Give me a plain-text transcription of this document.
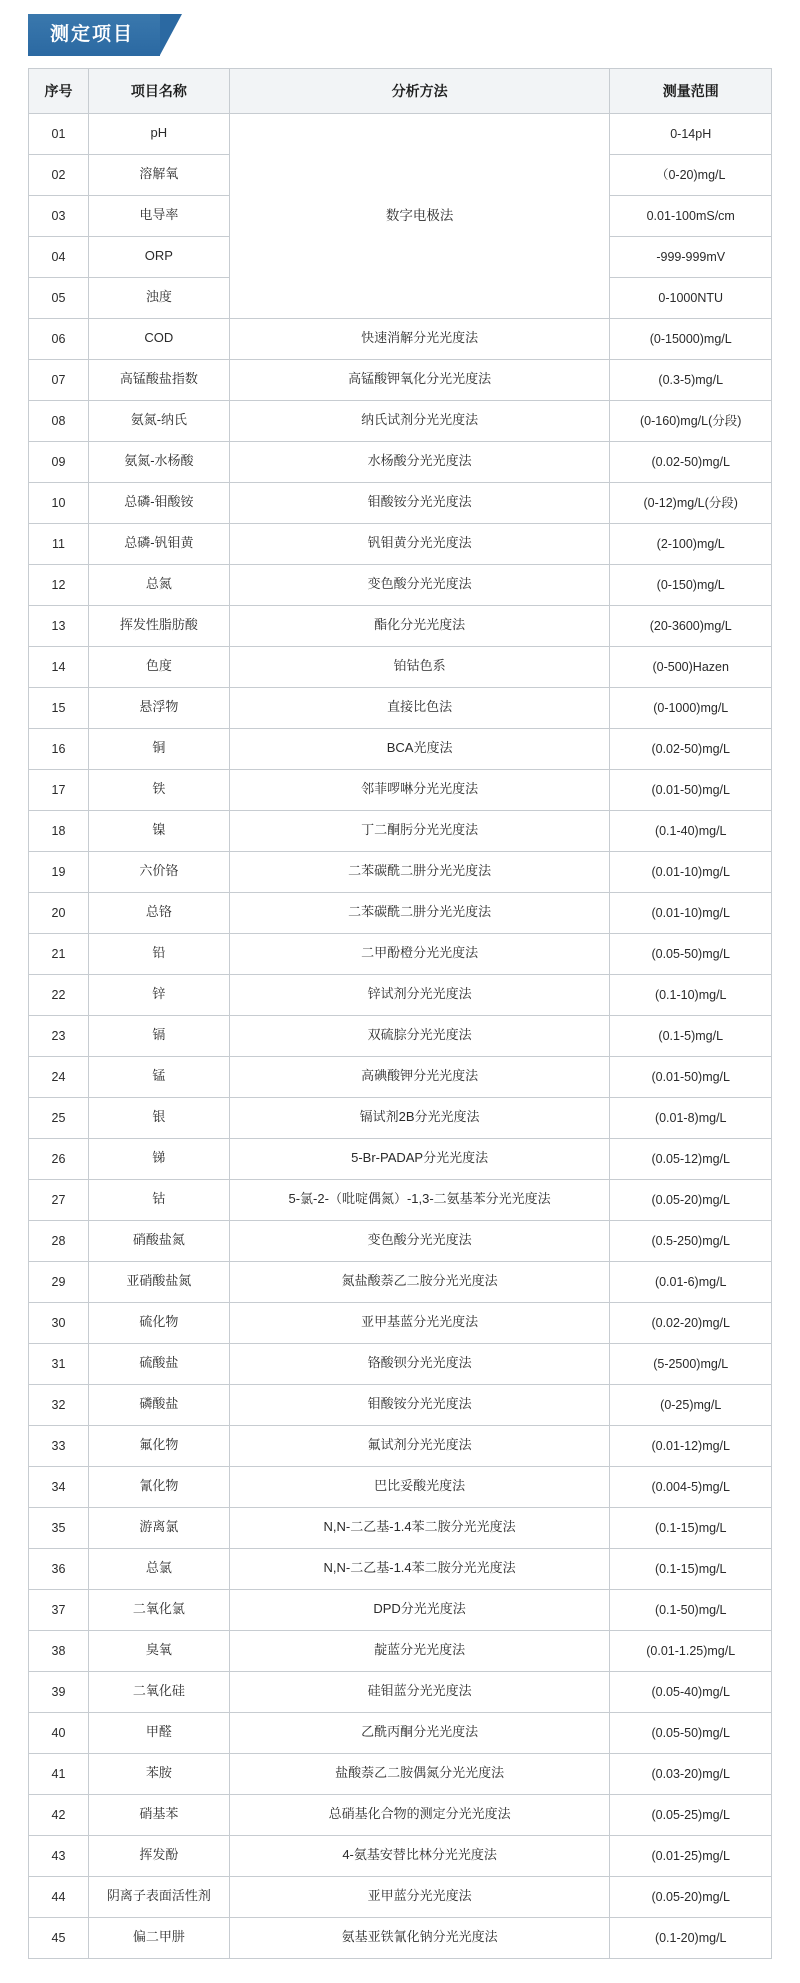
测定项目
序号	项目名称	分析方法	测量范围
01	pH	数字电极法	0-14pH
02	溶解氧		（0-20)mg/L
03	电导率		0.01-100mS/cm
04	ORP		-999-999mV
05	浊度		0-1000NTU
06	COD	快速消解分光光度法	(0-15000)mg/L
07	高锰酸盐指数	高锰酸钾氧化分光光度法	(0.3-5)mg/L
08	氨氮-纳氏	纳氏试剂分光光度法	(0-160)mg/L(分段)
09	氨氮-水杨酸	水杨酸分光光度法	(0.02-50)mg/L
10	总磷-钼酸铵	钼酸铵分光光度法	(0-12)mg/L(分段)
11	总磷-钒钼黄	钒钼黄分光光度法	(2-100)mg/L
12	总氮	变色酸分光光度法	(0-150)mg/L
13	挥发性脂肪酸	酯化分光光度法	(20-3600)mg/L
14	色度	铂钴色系	(0-500)Hazen
15	悬浮物	直接比色法	(0-1000)mg/L
16	铜	BCA光度法	(0.02-50)mg/L
17	铁	邻菲啰啉分光光度法	(0.01-50)mg/L
18	镍	丁二酮肟分光光度法	(0.1-40)mg/L
19	六价铬	二苯碳酰二肼分光光度法	(0.01-10)mg/L
20	总铬	二苯碳酰二肼分光光度法	(0.01-10)mg/L
21	铅	二甲酚橙分光光度法	(0.05-50)mg/L
22	锌	锌试剂分光光度法	(0.1-10)mg/L
23	镉	双硫腙分光光度法	(0.1-5)mg/L
24	锰	高碘酸钾分光光度法	(0.01-50)mg/L
25	银	镉试剂2B分光光度法	(0.01-8)mg/L
26	锑	5-Br-PADAP分光光度法	(0.05-12)mg/L
27	钴	5-氯-2-（吡啶偶氮）-1,3-二氨基苯分光光度法	(0.05-20)mg/L
28	硝酸盐氮	变色酸分光光度法	(0.5-250)mg/L
29	亚硝酸盐氮	氮盐酸萘乙二胺分光光度法	(0.01-6)mg/L
30	硫化物	亚甲基蓝分光光度法	(0.02-20)mg/L
31	硫酸盐	铬酸钡分光光度法	(5-2500)mg/L
32	磷酸盐	钼酸铵分光光度法	(0-25)mg/L
33	氟化物	氟试剂分光光度法	(0.01-12)mg/L
34	氰化物	巴比妥酸光度法	(0.004-5)mg/L
35	游离氯	N,N-二乙基-1.4苯二胺分光光度法	(0.1-15)mg/L
36	总氯	N,N-二乙基-1.4苯二胺分光光度法	(0.1-15)mg/L
37	二氧化氯	DPD分光光度法	(0.1-50)mg/L
38	臭氧	靛蓝分光光度法	(0.01-1.25)mg/L
39	二氧化硅	硅钼蓝分光光度法	(0.05-40)mg/L
40	甲醛	乙酰丙酮分光光度法	(0.05-50)mg/L
41	苯胺	盐酸萘乙二胺偶氮分光光度法	(0.03-20)mg/L
42	硝基苯	总硝基化合物的测定分光光度法	(0.05-25)mg/L
43	挥发酚	4-氨基安替比林分光光度法	(0.01-25)mg/L
44	阴离子表面活性剂	亚甲蓝分光光度法	(0.05-20)mg/L
45	偏二甲肼	氨基亚铁氰化钠分光光度法	(0.1-20)mg/L
